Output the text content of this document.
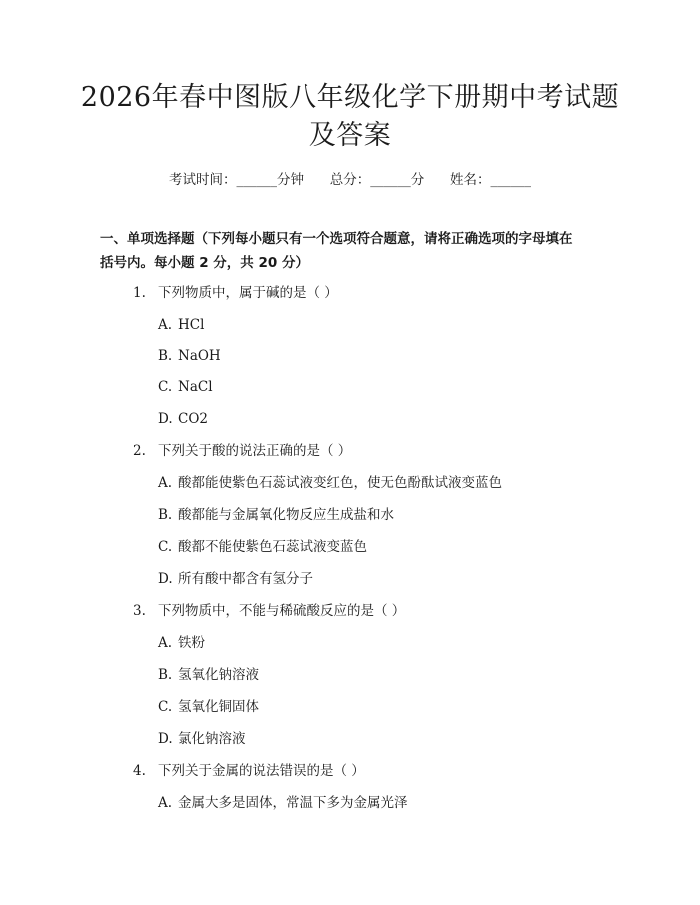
2026年春中图版八年级化学下册期中考试题
及答案
考试时间：______分钟      总分：______分      姓名：______
一、单项选择题（下列每小题只有一个选项符合题意，请将正确选项的字母填在
括号内。每小题 2 分，共 20 分）
1. 下列物质中，属于碱的是（ ）
A. HCl
B. NaOH
C. NaCl
D. CO2
2. 下列关于酸的说法正确的是（ ）
A. 酸都能使紫色石蕊试液变红色，使无色酚酞试液变蓝色
B. 酸都能与金属氧化物反应生成盐和水
C. 酸都不能使紫色石蕊试液变蓝色
D. 所有酸中都含有氢分子
3. 下列物质中，不能与稀硫酸反应的是（ ）
A. 铁粉
B. 氢氧化钠溶液
C. 氢氧化铜固体
D. 氯化钠溶液
4. 下列关于金属的说法错误的是（ ）
A. 金属大多是固体，常温下多为金属光泽
